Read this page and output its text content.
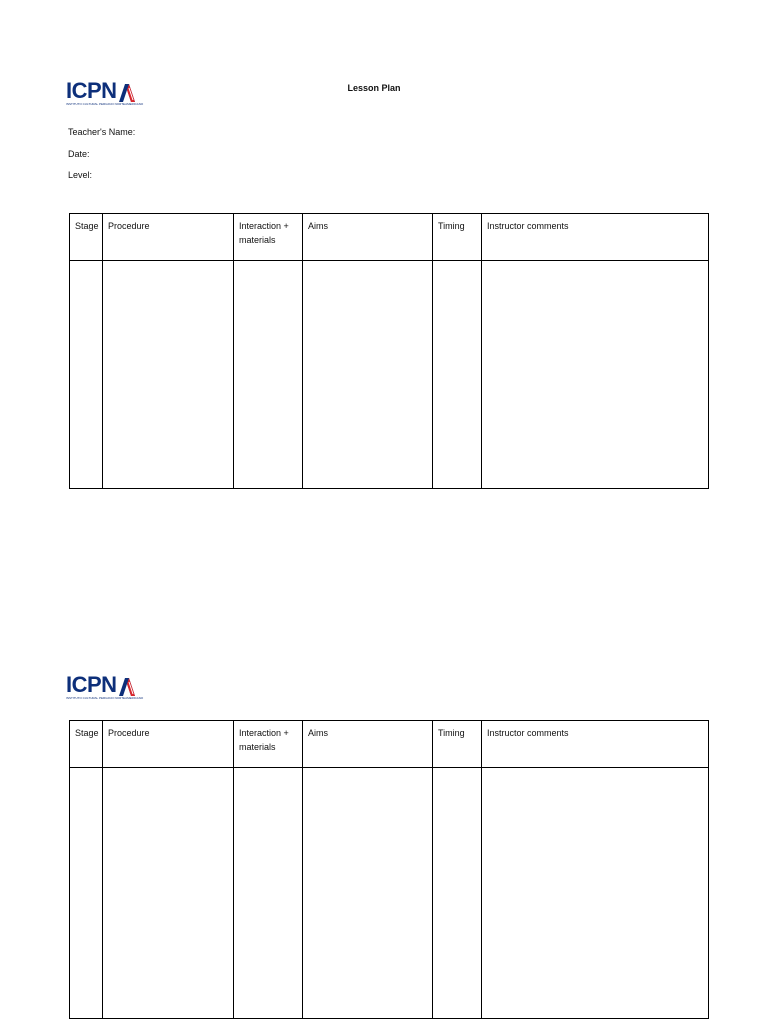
ICPN
INSTITUTO CULTURAL PERUANO NORTEAMERICANO
Lesson Plan
Teacher's Name:
Date:
Level:
Stage	Procedure	Interaction + materials	Aims	Timing	Instructor comments

ICPN
INSTITUTO CULTURAL PERUANO NORTEAMERICANO
Stage	Procedure	Interaction + materials	Aims	Timing	Instructor comments
